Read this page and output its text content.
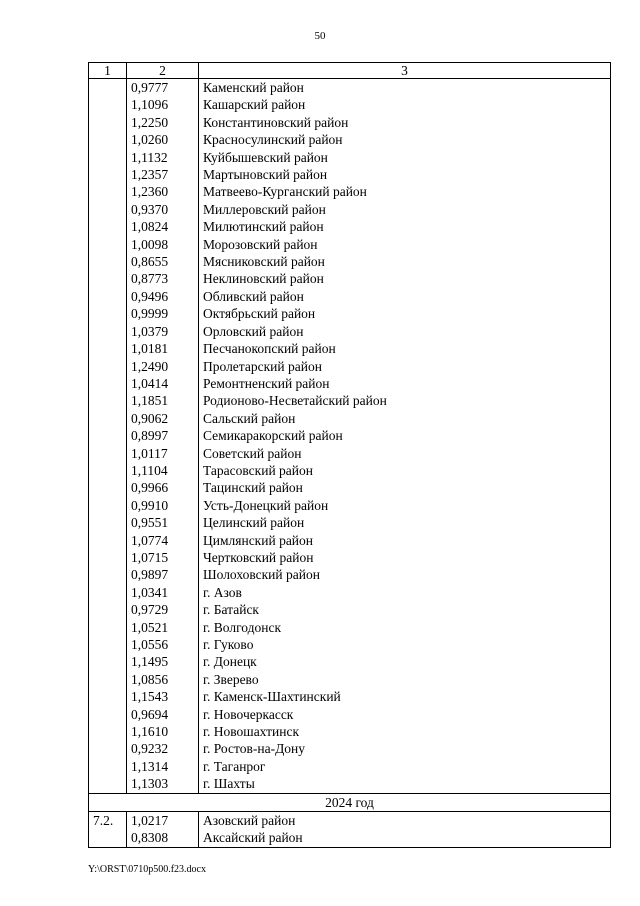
50
1	2	3
	0,9777	Каменский район
	1,1096	Кашарский район
	1,2250	Константиновский район
	1,0260	Красносулинский район
	1,1132	Куйбышевский район
	1,2357	Мартыновский район
	1,2360	Матвеево-Курганский район
	0,9370	Миллеровский район
	1,0824	Милютинский район
	1,0098	Морозовский район
	0,8655	Мясниковский район
	0,8773	Неклиновский район
	0,9496	Обливский район
	0,9999	Октябрьский район
	1,0379	Орловский район
	1,0181	Песчанокопский район
	1,2490	Пролетарский район
	1,0414	Ремонтненский район
	1,1851	Родионово-Несветайский район
	0,9062	Сальский район
	0,8997	Семикаракорский район
	1,0117	Советский район
	1,1104	Тарасовский район
	0,9966	Тацинский район
	0,9910	Усть-Донецкий район
	0,9551	Целинский район
	1,0774	Цимлянский район
	1,0715	Чертковский район
	0,9897	Шолоховский район
	1,0341	г. Азов
	0,9729	г. Батайск
	1,0521	г. Волгодонск
	1,0556	г. Гуково
	1,1495	г. Донецк
	1,0856	г. Зверево
	1,1543	г. Каменск-Шахтинский
	0,9694	г. Новочеркасск
	1,1610	г. Новошахтинск
	0,9232	г. Ростов-на-Дону
	1,1314	г. Таганрог
	1,1303	г. Шахты
2024 год		
7.2.	1,0217	Азовский район
	0,8308	Аксайский район
Y:\ORST\0710p500.f23.docx
